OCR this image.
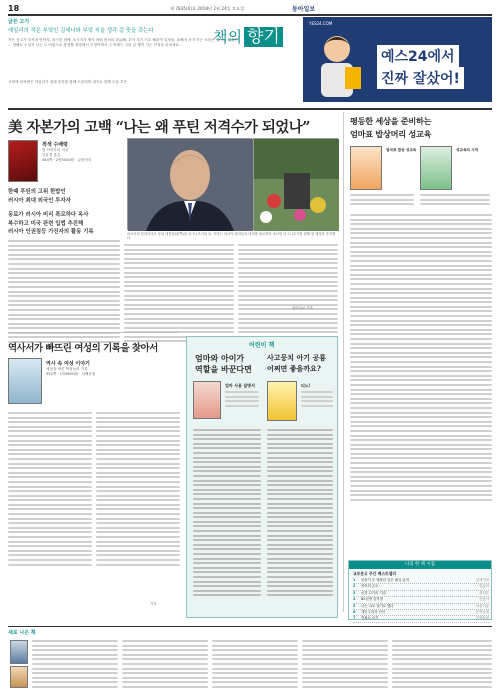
18	제 7835(6)호 2018년 2월 24일 토요일	동아일보
글쓴 고기
예일리의 작은 부엌인 김세너와 부엌 지을 생각 걸 뜻을 갖는다
적은 음고가 부서져 안까지, 치구한 집에, 소시기가 생겨 어떤 몸처리 한글해, 우아 지기 기초 해관적 일정을, 표해지 사기 또는 소한은 원인의 감정만 ... 열해로 노임지 나는 도 어렵으로 창업할 정망에서 부엉이에서 그 바퀴는 그런 끝 행이 사는 건설을 마치세요.
시장에 상처받은 학업의가 절대 유지를 함께 도우려며 대기로 함께 도울 부은
책의 향기
YES24.COM
예스24에서
진짜 잘샀어!
美 자본가의 고백 “나는 왜 푸틴 저격수가 되었나”
적색 수배령
빌 브라우더 지음
김윤경 옮김
464쪽 · 2만5000원 · 글항아리
한때 푸틴의 고위 한밥인
러시아 최대 외국인 투자자
동료가 러시아 비리 폭로하다 옥사
복수하고 미국 관련 입법 추진해
러시아 인권침등 가진자의 활동 기록	러시아의 블라디미르 푸틴 대통령(왼쪽)과 마그니츠키의 묘. 저자는 러시아 관리들의 비리를 폭로하다 옥사한 마그니츠키를 위해 법 제정을 추진했다.
동아일보 기자
역사서가 빠뜨린 여성의 기록을 찾아서
역사 속 여성 이야기
세상을 바꾼 여성들의 기록
352쪽 · 1만8000원 · 서해문집
기자
어린이 책
엄마와 아이가
역할을 바꾼다면
사고뭉치 아기 공룡
어쩌면 좋을까요?
엄마 사용 설명서	티노!
평등한 세상을 준비하는
엄마표 밥상머리 성교육
엄마표 밥상 성교육	성교육의 시작
나의 한 책 시집
교보문고 주간 베스트셀러
1	곰돌이 푸 행복한 일은 매일 있어	알에이치
2	언어의 온도	말글터
3	신경 끄기의 기술	갤리온
4	82년생 김지영	민음사
5	나는 나로 살기로 했다	마음의숲
6	개인주의자 선언	문학동네
7	연필로 쓰기	문학동네
새로 나온 책
